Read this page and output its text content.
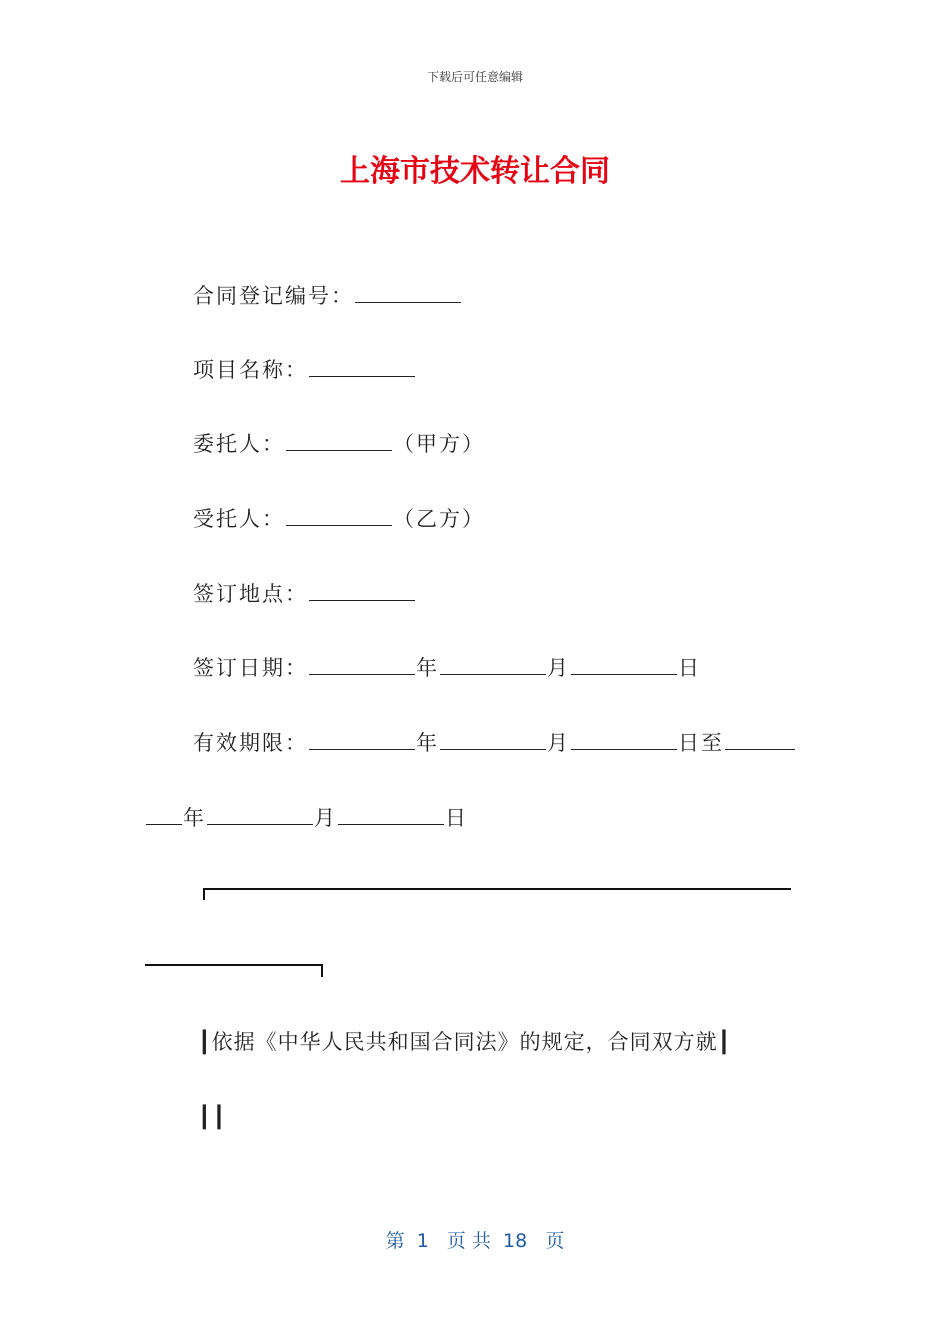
下载后可任意编辑
上海市技术转让合同
合同登记编号：
项目名称：
委托人：	（甲方）
受托人：	（乙方）
签订地点：
签订日期：	年	月	日
有效期限：	年	月	日至
年	月	日
┃依据《中华人民共和国合同法》的规定，合同双方就┃
┃┃
第  1   页 共  18   页
